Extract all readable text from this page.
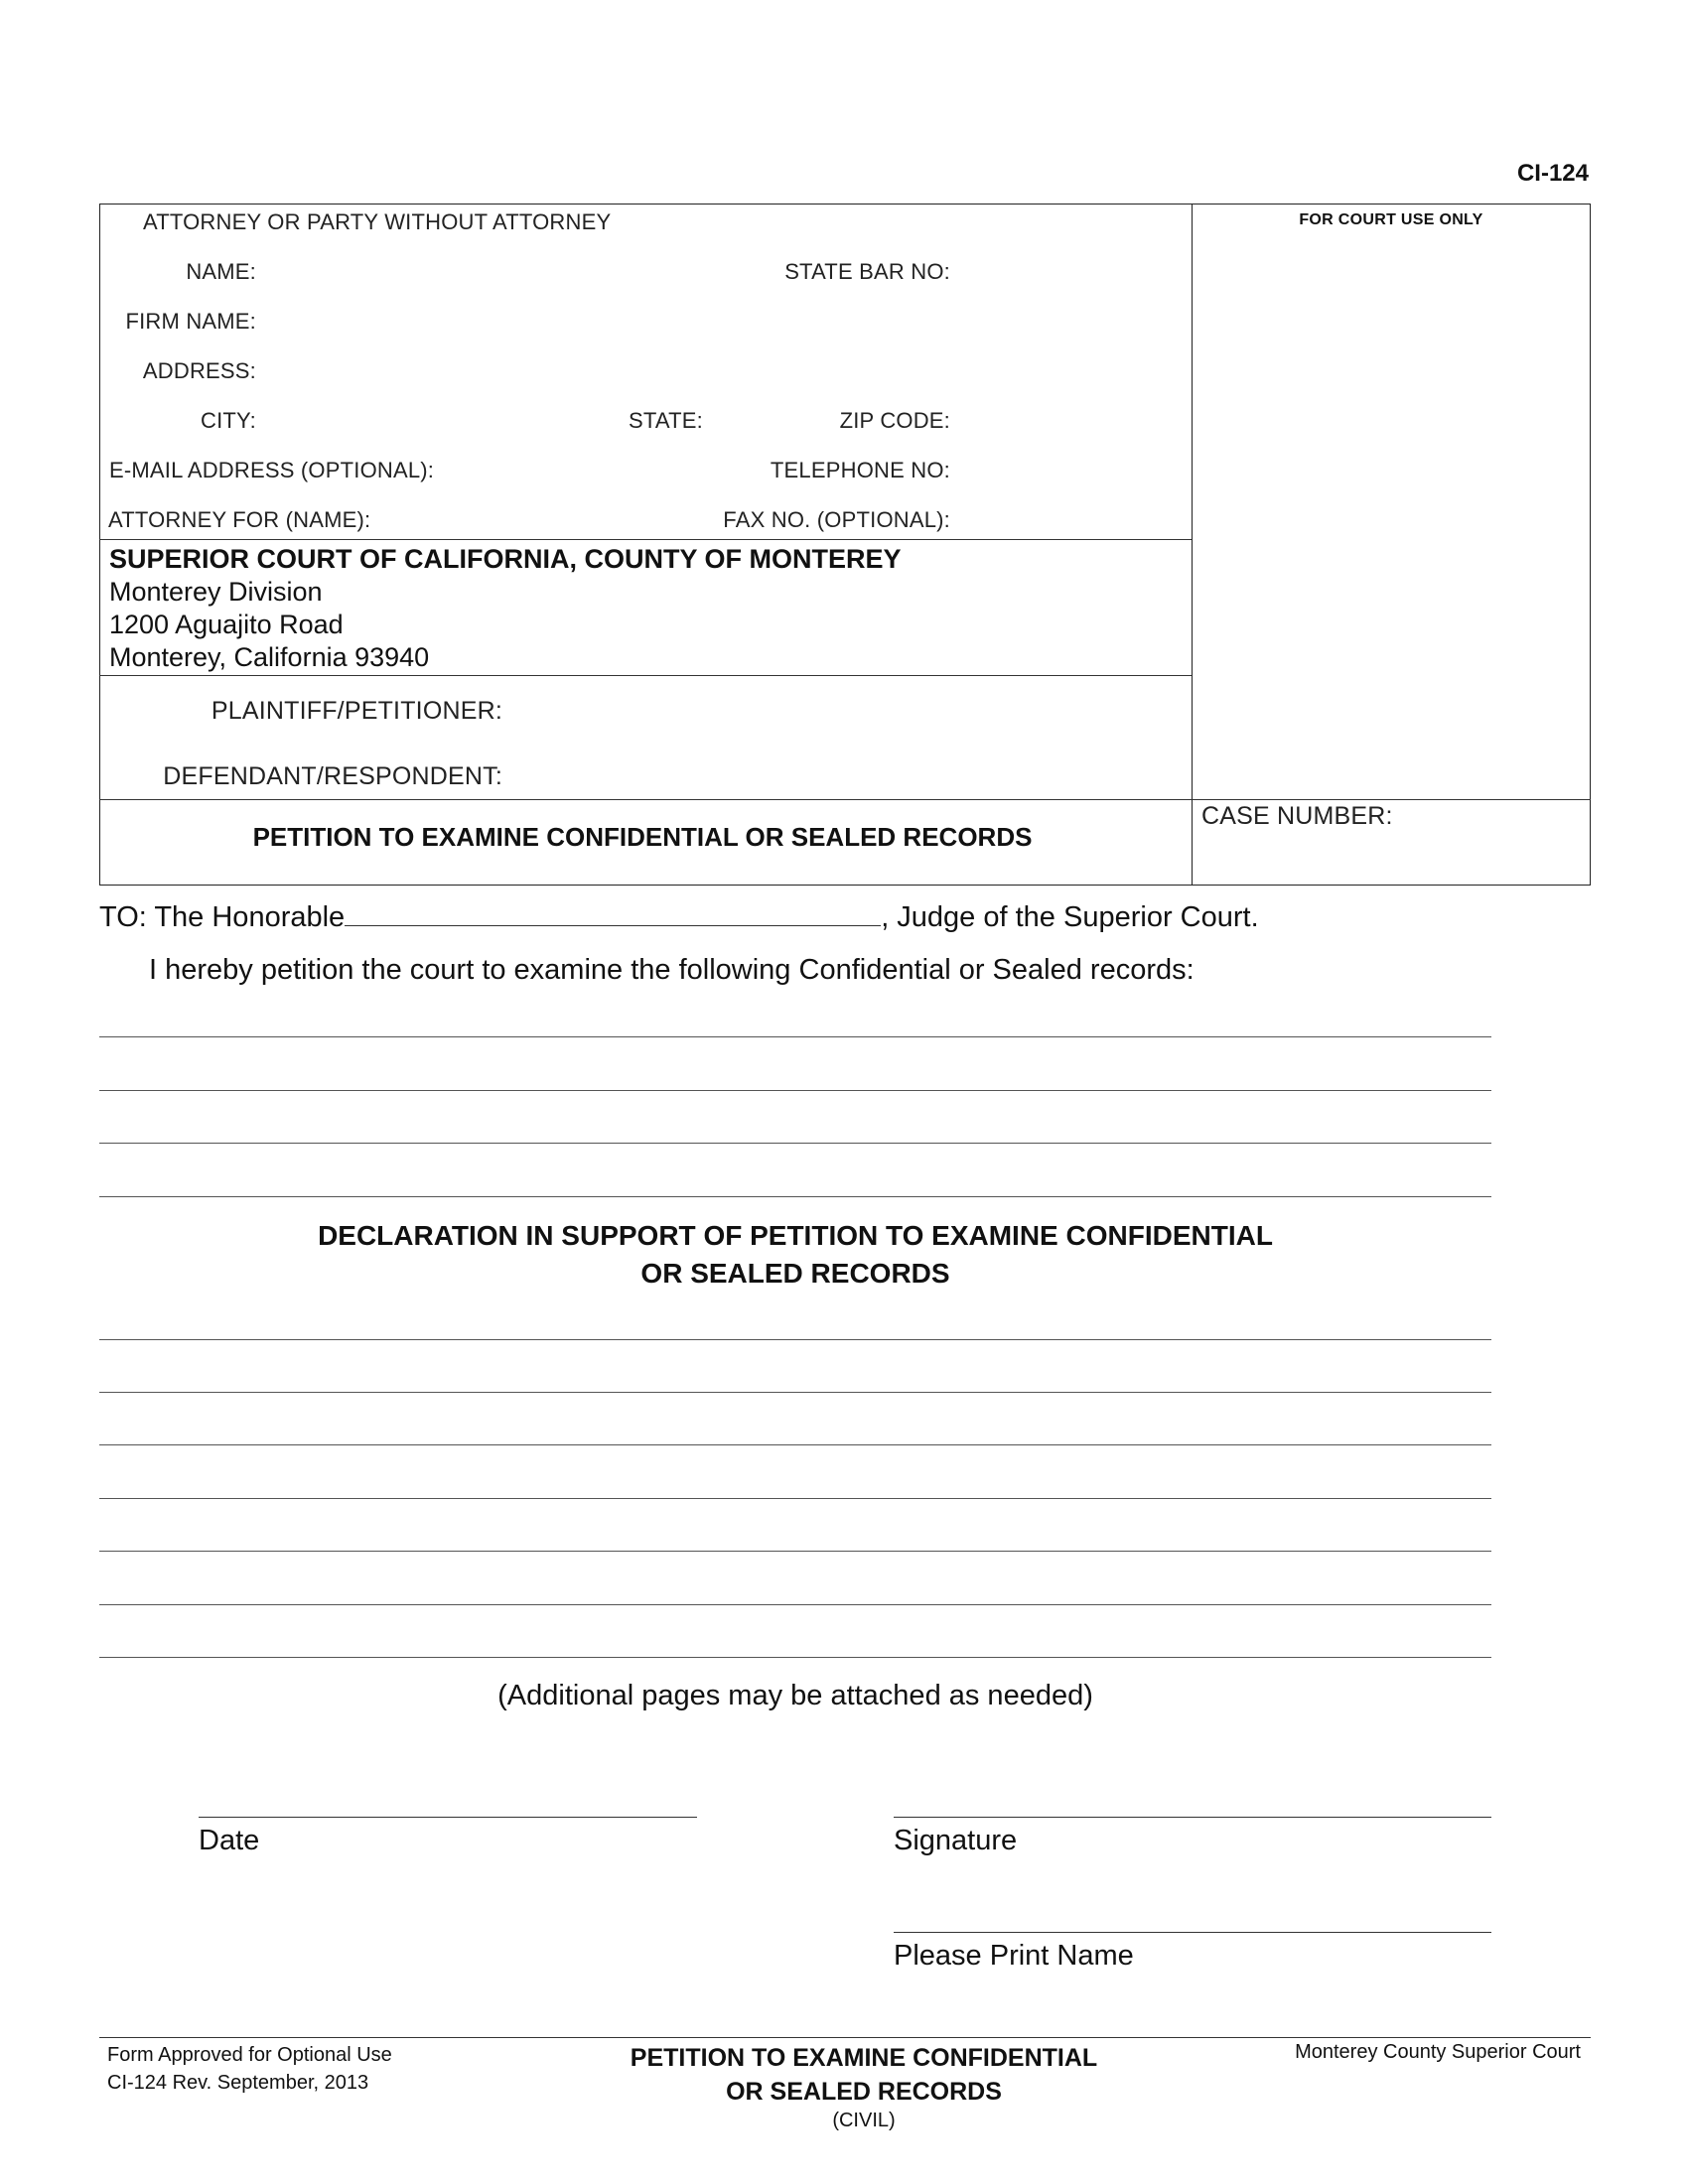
CI-124
ATTORNEY OR PARTY WITHOUT ATTORNEY
NAME:	STATE BAR NO:
FIRM NAME:
ADDRESS:
CITY:	STATE:	ZIP CODE:
E-MAIL ADDRESS (OPTIONAL):	TELEPHONE NO:
ATTORNEY FOR (NAME):	FAX NO. (OPTIONAL):
FOR COURT USE ONLY
SUPERIOR COURT OF CALIFORNIA, COUNTY OF MONTEREY
Monterey Division
1200 Aguajito Road
Monterey, California 93940
PLAINTIFF/PETITIONER:
DEFENDANT/RESPONDENT:
PETITION TO EXAMINE CONFIDENTIAL OR SEALED RECORDS
CASE NUMBER:
TO: The Honorable	, Judge of the Superior Court.
I hereby petition the court to examine the following Confidential or Sealed records:
DECLARATION IN SUPPORT OF PETITION TO EXAMINE CONFIDENTIAL
OR SEALED RECORDS
(Additional pages may be attached as needed)
Date	Signature
Please Print Name
Form Approved for Optional Use
CI-124 Rev. September, 2013
PETITION TO EXAMINE CONFIDENTIAL
OR SEALED RECORDS
(CIVIL)
Monterey County Superior Court
